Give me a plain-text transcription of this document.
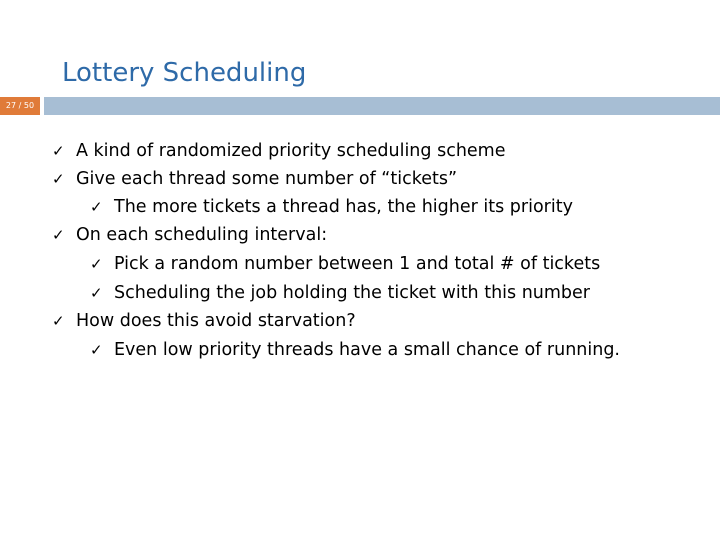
Lottery Scheduling
27 / 50
✓ A kind of randomized priority scheduling scheme
✓ Give each thread some number of “tickets”
✓ The more tickets a thread has, the higher its priority
✓ On each scheduling interval:
✓ Pick a random number between 1 and total # of tickets
✓ Scheduling the job holding the ticket with this number
✓ How does this avoid starvation?
✓ Even low priority threads have a small chance of running.
